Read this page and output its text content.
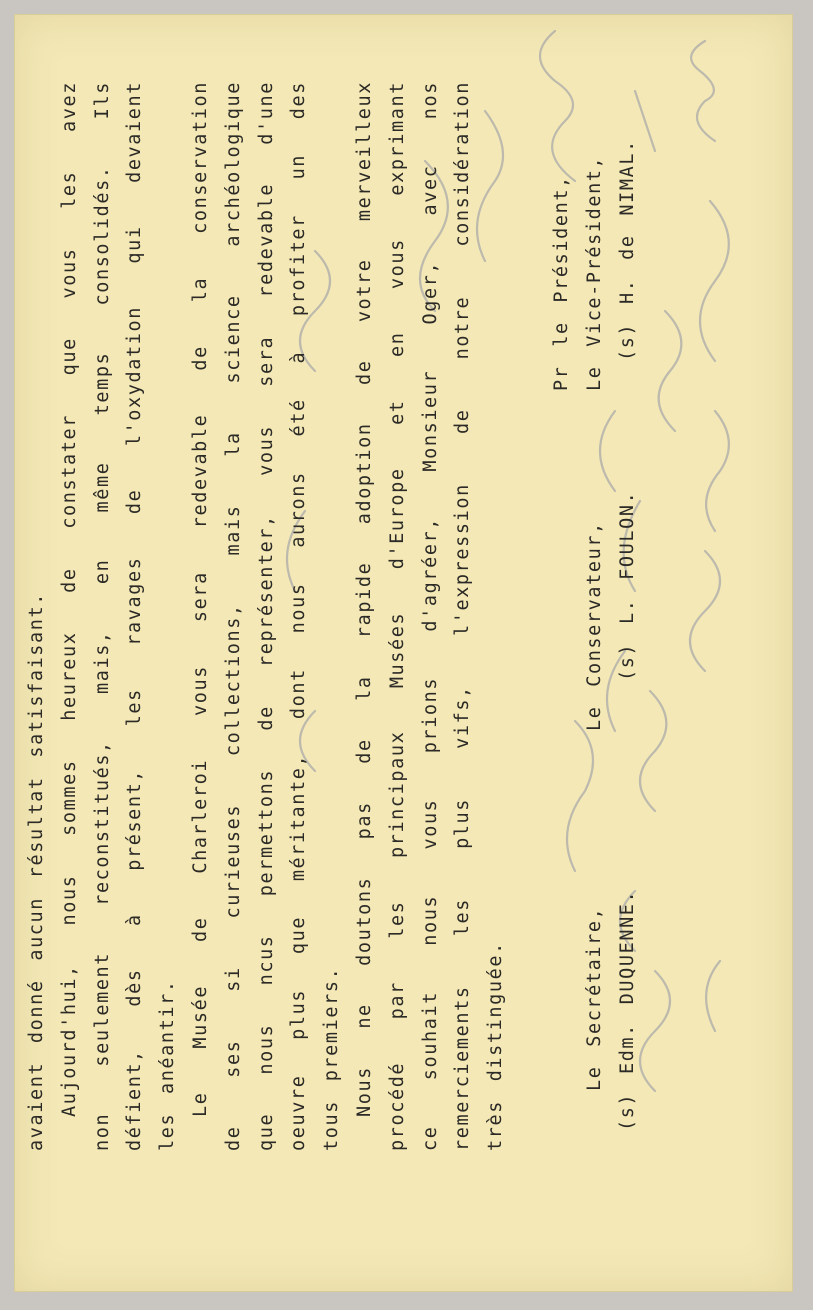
avaient donné aucun résultat satisfaisant. Aujourd'hui, nous sommes heureux de constater que vous les avez non seulement reconstitués, mais, en même temps consolidés. Ils défient, dès à présent, les ravages de l'oxydation qui devaient les anéantir. Le Musée de Charleroi vous sera redevable de la conservation de ses si curieuses collections, mais la science archéologique que nous ncus permettons de représenter, vous sera redevable d'une oeuvre plus que méritante, dont nous aurons été à profiter un des tous premiers. Nous ne doutons pas de la rapide adoption de votre merveilleux procédé par les principaux Musées d'Europe et en vous exprimant ce souhait nous vous prions d'agréer, Monsieur Oger, avec nos remerciements les plus vifs, l'expression de notre considération très distinguée.
Pr le Président,
Le Secrétaire,
Le Conservateur,
Le Vice-Président,
(s) Edm. DUQUENNE.
(s) L. FOULON.
(s) H. de NIMAL.
